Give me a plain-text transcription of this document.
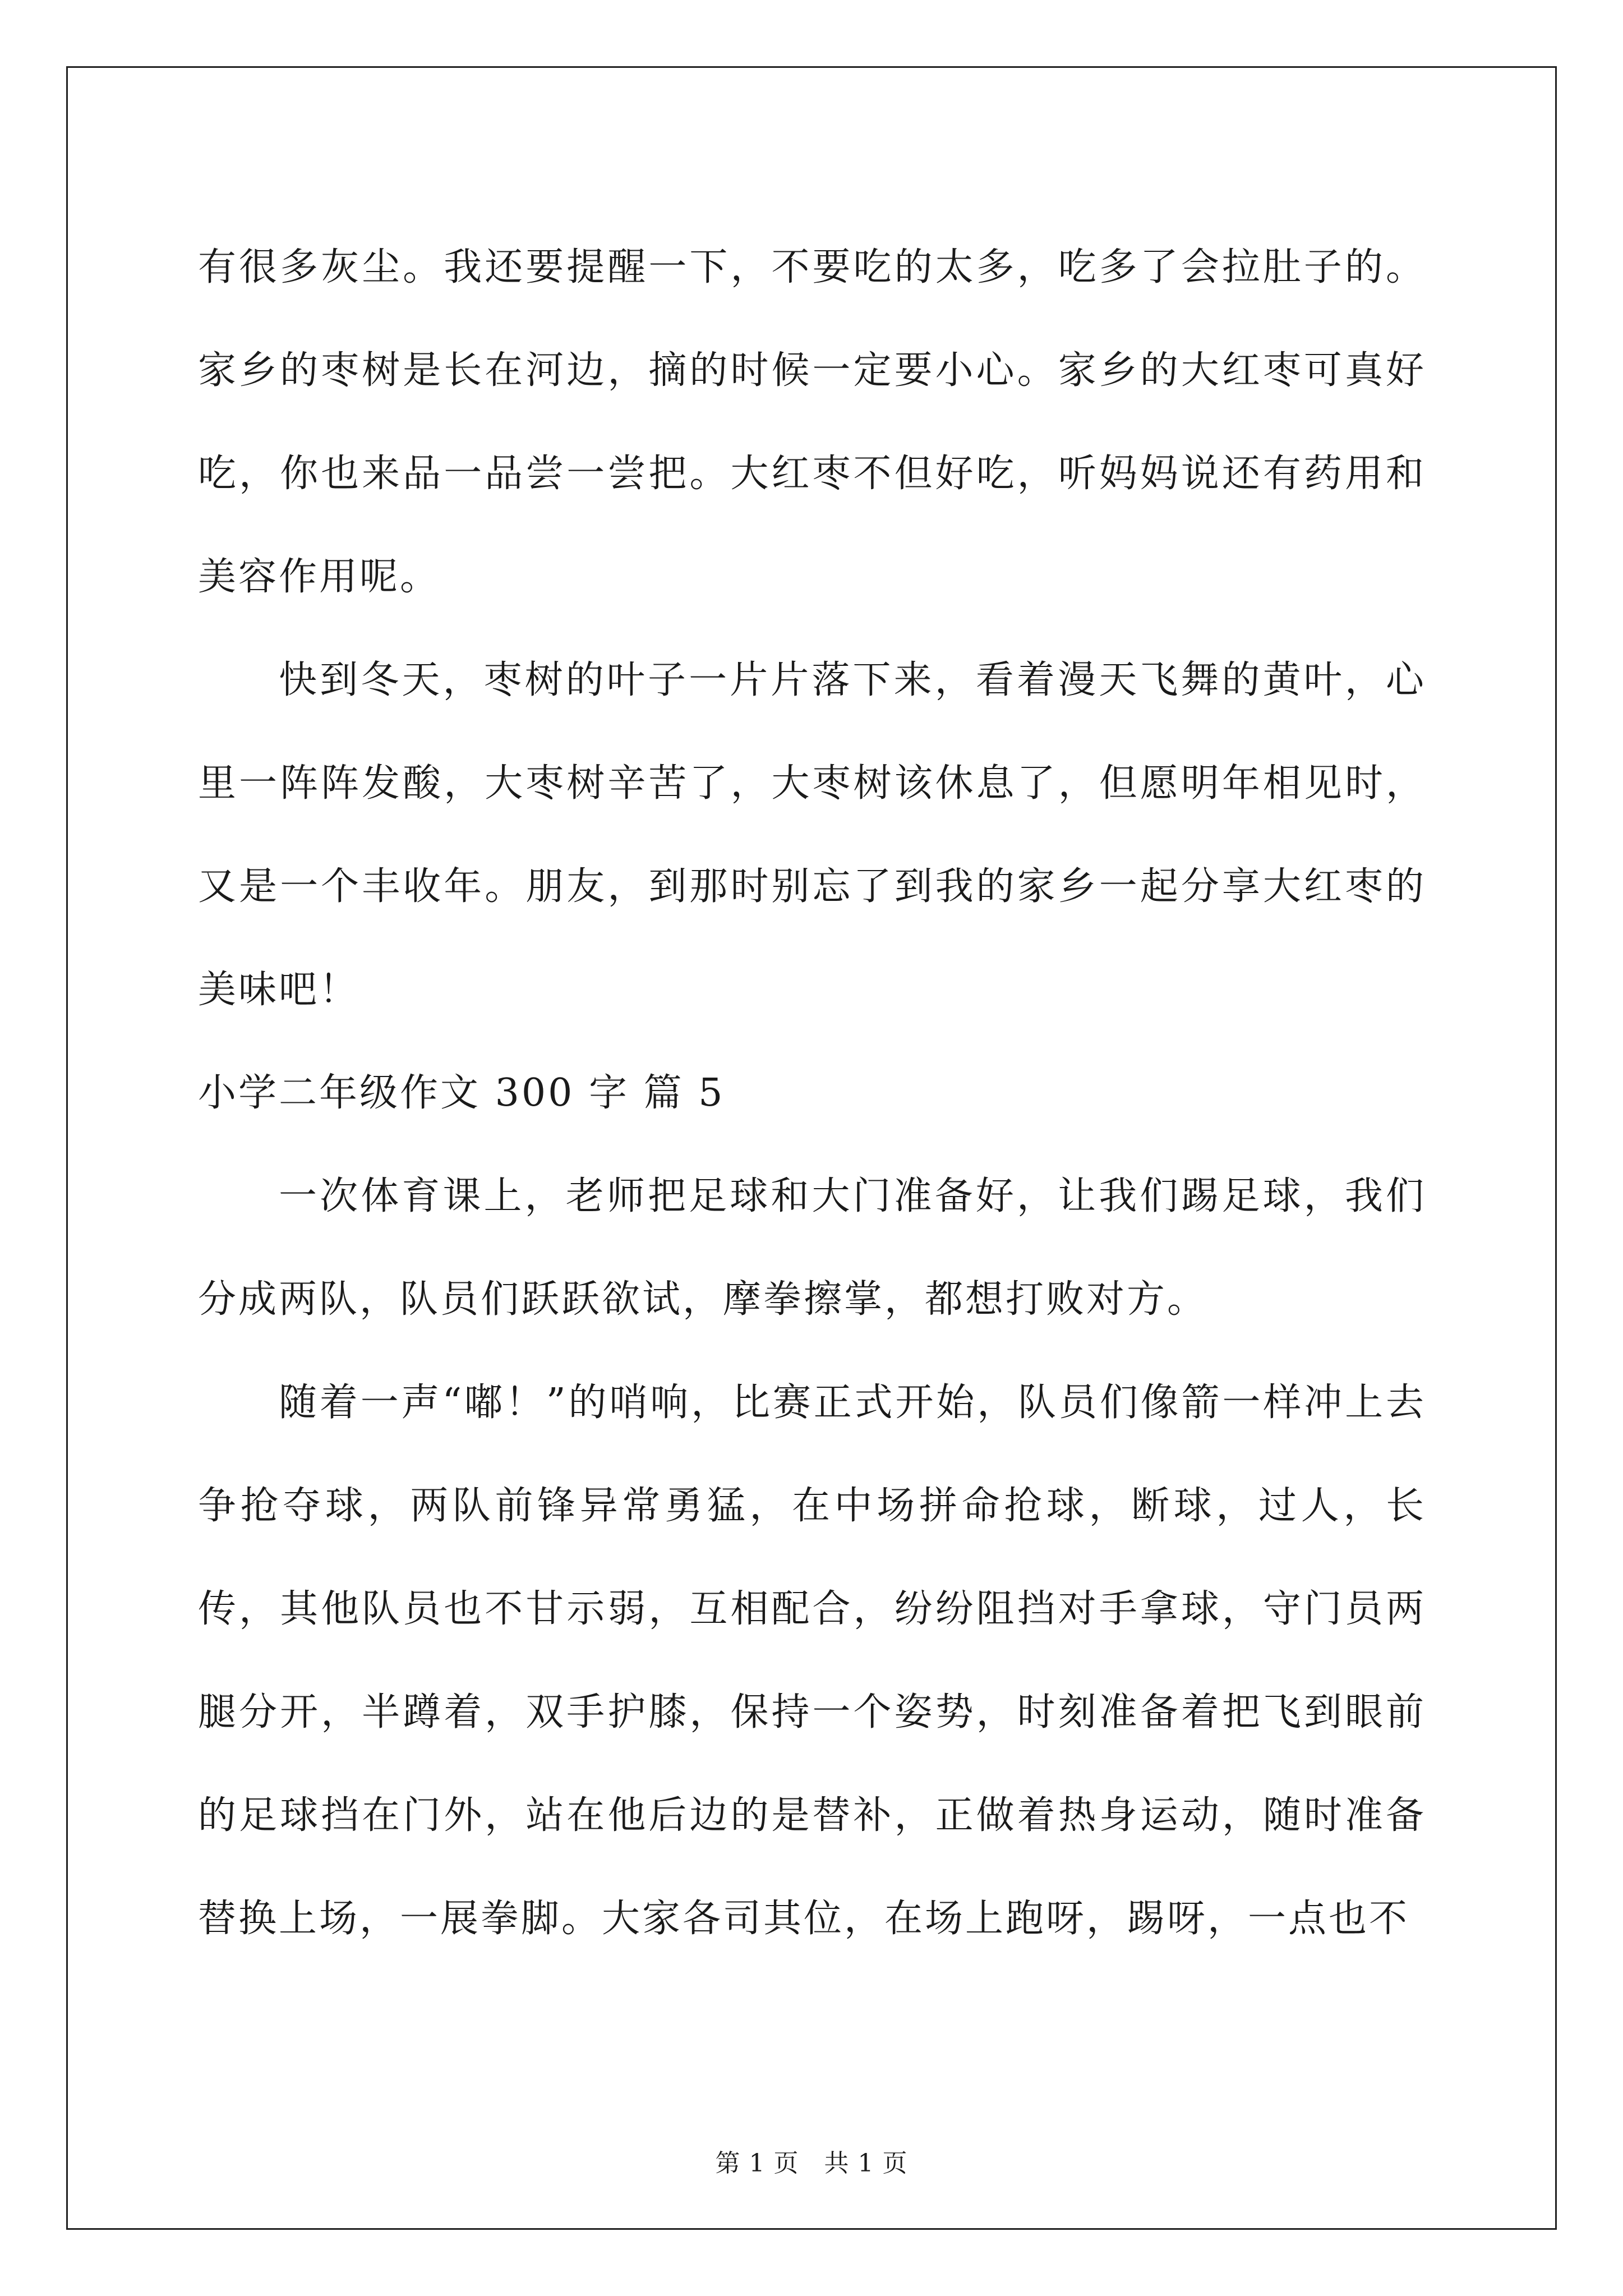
有很多灰尘。我还要提醒一下，不要吃的太多，吃多了会拉肚子的。家乡的枣树是长在河边，摘的时候一定要小心。家乡的大红枣可真好吃，你也来品一品尝一尝把。大红枣不但好吃，听妈妈说还有药用和美容作用呢。

快到冬天，枣树的叶子一片片落下来，看着漫天飞舞的黄叶，心里一阵阵发酸，大枣树辛苦了，大枣树该休息了，但愿明年相见时，又是一个丰收年。朋友，到那时别忘了到我的家乡一起分享大红枣的美味吧！

小学二年级作文 300 字 篇 5

一次体育课上，老师把足球和大门准备好，让我们踢足球，我们分成两队，队员们跃跃欲试，摩拳擦掌，都想打败对方。

随着一声“嘟！”的哨响，比赛正式开始，队员们像箭一样冲上去争抢夺球，两队前锋异常勇猛，在中场拼命抢球，断球，过人，长传，其他队员也不甘示弱，互相配合，纷纷阻挡对手拿球，守门员两腿分开，半蹲着，双手护膝，保持一个姿势，时刻准备着把飞到眼前的足球挡在门外，站在他后边的是替补，正做着热身运动，随时准备替换上场，一展拳脚。大家各司其位，在场上跑呀，踢呀，一点也不

第 1 页   共 1 页
